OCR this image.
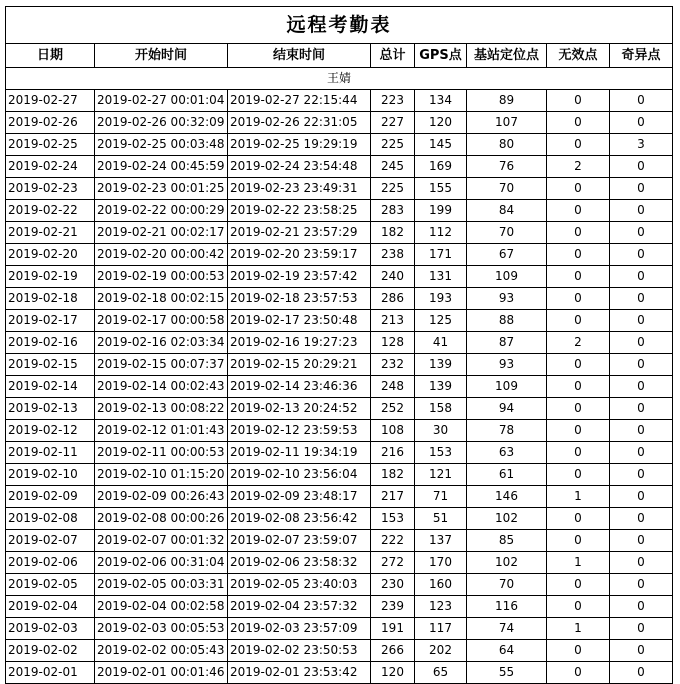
远程考勤表							
日期	开始时间	结束时间	总计	GPS点	基站定位点	无效点	奇异点
王婧							
2019-02-27	2019-02-27 00:01:04	2019-02-27 22:15:44	223	134	89	0	0
2019-02-26	2019-02-26 00:32:09	2019-02-26 22:31:05	227	120	107	0	0
2019-02-25	2019-02-25 00:03:48	2019-02-25 19:29:19	225	145	80	0	3
2019-02-24	2019-02-24 00:45:59	2019-02-24 23:54:48	245	169	76	2	0
2019-02-23	2019-02-23 00:01:25	2019-02-23 23:49:31	225	155	70	0	0
2019-02-22	2019-02-22 00:00:29	2019-02-22 23:58:25	283	199	84	0	0
2019-02-21	2019-02-21 00:02:17	2019-02-21 23:57:29	182	112	70	0	0
2019-02-20	2019-02-20 00:00:42	2019-02-20 23:59:17	238	171	67	0	0
2019-02-19	2019-02-19 00:00:53	2019-02-19 23:57:42	240	131	109	0	0
2019-02-18	2019-02-18 00:02:15	2019-02-18 23:57:53	286	193	93	0	0
2019-02-17	2019-02-17 00:00:58	2019-02-17 23:50:48	213	125	88	0	0
2019-02-16	2019-02-16 02:03:34	2019-02-16 19:27:23	128	41	87	2	0
2019-02-15	2019-02-15 00:07:37	2019-02-15 20:29:21	232	139	93	0	0
2019-02-14	2019-02-14 00:02:43	2019-02-14 23:46:36	248	139	109	0	0
2019-02-13	2019-02-13 00:08:22	2019-02-13 20:24:52	252	158	94	0	0
2019-02-12	2019-02-12 01:01:43	2019-02-12 23:59:53	108	30	78	0	0
2019-02-11	2019-02-11 00:00:53	2019-02-11 19:34:19	216	153	63	0	0
2019-02-10	2019-02-10 01:15:20	2019-02-10 23:56:04	182	121	61	0	0
2019-02-09	2019-02-09 00:26:43	2019-02-09 23:48:17	217	71	146	1	0
2019-02-08	2019-02-08 00:00:26	2019-02-08 23:56:42	153	51	102	0	0
2019-02-07	2019-02-07 00:01:32	2019-02-07 23:59:07	222	137	85	0	0
2019-02-06	2019-02-06 00:31:04	2019-02-06 23:58:32	272	170	102	1	0
2019-02-05	2019-02-05 00:03:31	2019-02-05 23:40:03	230	160	70	0	0
2019-02-04	2019-02-04 00:02:58	2019-02-04 23:57:32	239	123	116	0	0
2019-02-03	2019-02-03 00:05:53	2019-02-03 23:57:09	191	117	74	1	0
2019-02-02	2019-02-02 00:05:43	2019-02-02 23:50:53	266	202	64	0	0
2019-02-01	2019-02-01 00:01:46	2019-02-01 23:53:42	120	65	55	0	0
